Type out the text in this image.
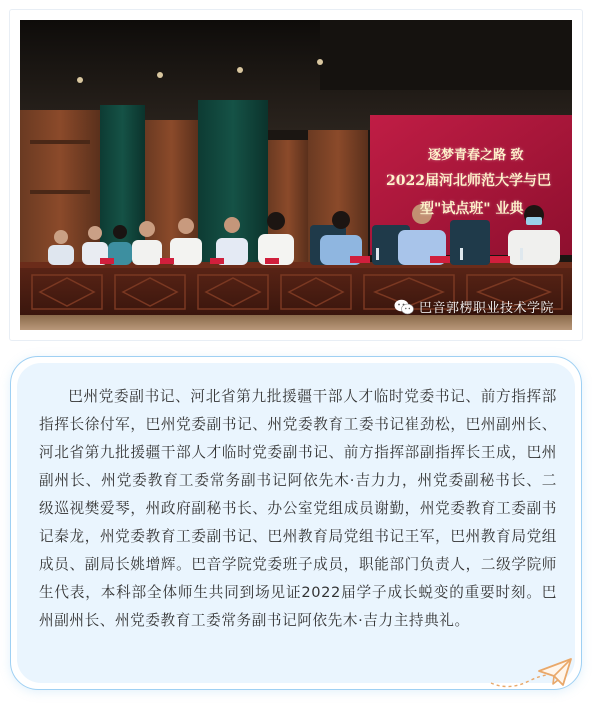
逐梦青春之路 致
2022届河北师范大学与巴
型"试点班" 业典
巴音郭楞职业技术学院

巴州党委副书记、河北省第九批援疆干部人才临时党委书记、前方指挥部指挥长徐付军，巴州党委副书记、州党委教育工委书记崔劲松，巴州副州长、河北省第九批援疆干部人才临时党委副书记、前方指挥部副指挥长王成，巴州副州长、州党委教育工委常务副书记阿依先木·吉力力，州党委副秘书长、二级巡视樊爱琴，州政府副秘书长、办公室党组成员谢勤，州党委教育工委副书记秦龙，州党委教育工委副书记、巴州教育局党组书记王军，巴州教育局党组成员、副局长姚增辉。巴音学院党委班子成员，职能部门负责人，二级学院师生代表，本科部全体师生共同到场见证2022届学子成长蜕变的重要时刻。巴州副州长、州党委教育工委常务副书记阿依先木·吉力主持典礼。
